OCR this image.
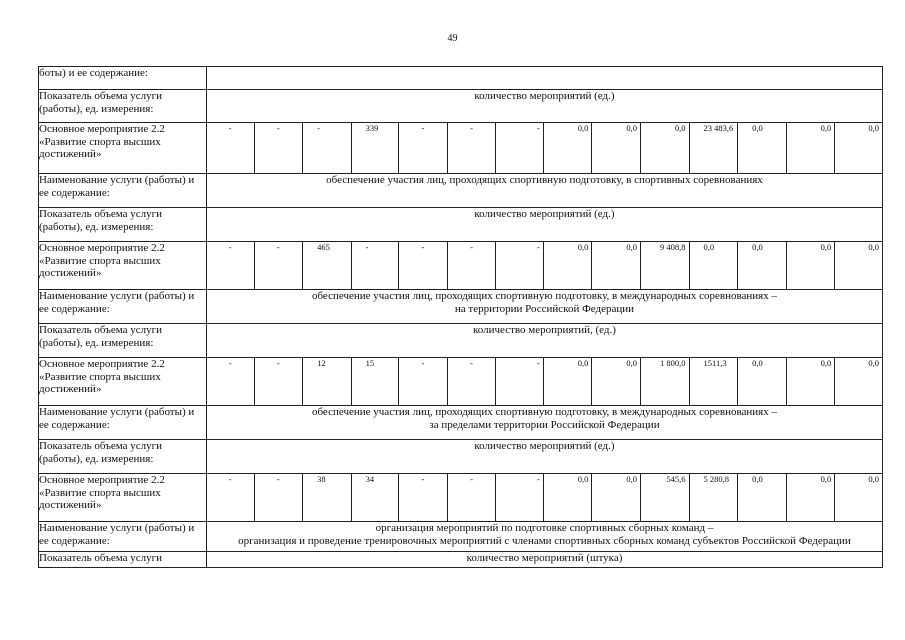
49
боты) и ее содержание:														

Показатель объема услуги (работы), ед. измерения:	количество мероприятий (ед.)													

Основное мероприятие 2.2 «Развитие спорта высших достижений»	-	-	-	339	-	-	-	0,0	0,0	0,0	23 483,6	0,0	0,0	0,0
Наименование услуги (работы) и ее содержание:	обеспечение участия лиц, проходящих спортивную подготовку, в спортивных соревнованиях													

Показатель объема услуги (работы), ед. измерения:	количество мероприятий (ед.)													

Основное мероприятие 2.2 «Развитие спорта высших достижений»	-	-	465	-	-	-	-	0,0	0,0	9 408,8	0,0	0,0	0,0	0,0
Наименование услуги (работы) и ее содержание:	обеспечение участия лиц, проходящих спортивную подготовку, в международных соревнованиях –
на территории Российской Федерации													

Показатель объема услуги (работы), ед. измерения:	количество мероприятий, (ед.)													

Основное мероприятие 2.2 «Развитие спорта высших достижений»	-	-	12	15	-	-	-	0,0	0,0	1 800,0	1511,3	0,0	0,0	0,0
Наименование услуги (работы) и ее содержание:	обеспечение участия лиц, проходящих спортивную подготовку, в международных соревнованиях –
за пределами территории Российской Федерации													

Показатель объема услуги (работы), ед. измерения:	количество мероприятий (ед.)													

Основное мероприятие 2.2 «Развитие спорта высших достижений»	-	-	38	34	-	-	-	0,0	0,0	545,6	5 280,8	0,0	0,0	0,0
Наименование услуги (работы) и ее содержание:	организация мероприятий по подготовке спортивных сборных команд –
организация и проведение тренировочных мероприятий с членами спортивных сборных команд субъектов Российской Федерации													

Показатель объема услуги	количество мероприятий (штука)													
